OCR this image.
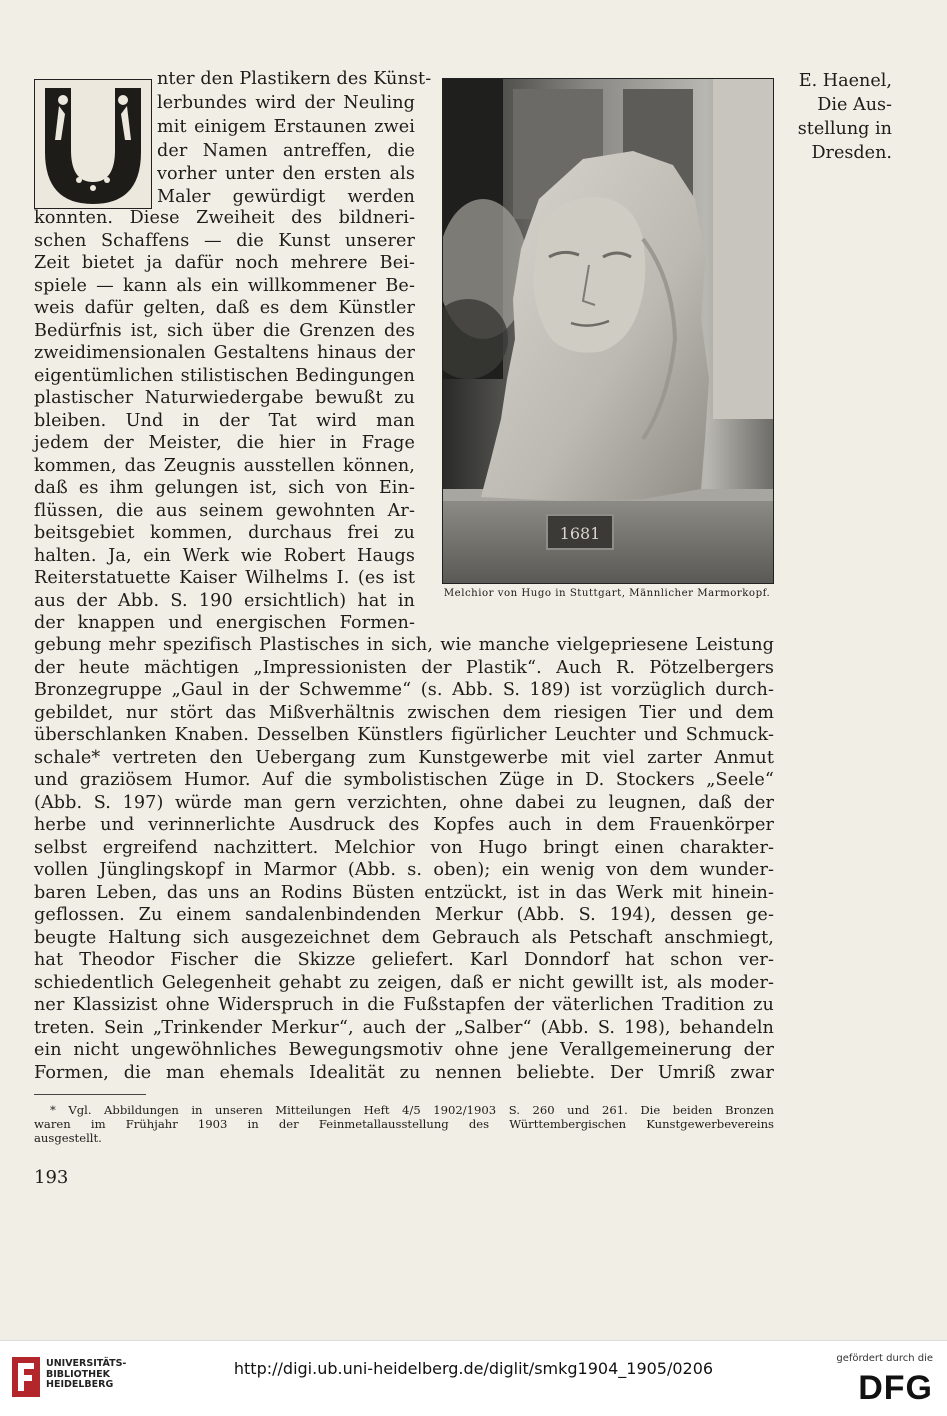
nter den Plastikern des Künst-
lerbundes wird der Neuling
mit einigem Erstaunen zwei
der Namen antreffen, die
vorher unter den ersten als
Maler gewürdigt werden
konnten. Diese Zweiheit des bildneri-
schen Schaffens — die Kunst unserer
Zeit bietet ja dafür noch mehrere Bei-
spiele — kann als ein willkommener Be-
weis dafür gelten, daß es dem Künstler
Bedürfnis ist, sich über die Grenzen des
zweidimensionalen Gestaltens hinaus der
eigentümlichen stilistischen Bedingungen
plastischer Naturwiedergabe bewußt zu
bleiben. Und in der Tat wird man
jedem der Meister, die hier in Frage
kommen, das Zeugnis ausstellen können,
daß es ihm gelungen ist, sich von Ein-
flüssen, die aus seinem gewohnten Ar-
beitsgebiet kommen, durchaus frei zu
halten. Ja, ein Werk wie Robert Haugs
Reiterstatuette Kaiser Wilhelms I. (es ist
aus der Abb. S. 190 ersichtlich) hat in
der knappen und energischen Formen-
1681
Melchior von Hugo in Stuttgart, Männlicher Marmorkopf.
E. Haenel,
Die Aus-
stellung in
Dresden.
gebung mehr spezifisch Plastisches in sich, wie manche vielgepriesene Leistung
der heute mächtigen „Impressionisten der Plastik“. Auch R. Pötzelbergers
Bronzegruppe „Gaul in der Schwemme“ (s. Abb. S. 189) ist vorzüglich durch-
gebildet, nur stört das Mißverhältnis zwischen dem riesigen Tier und dem
überschlanken Knaben. Desselben Künstlers figürlicher Leuchter und Schmuck-
schale* vertreten den Uebergang zum Kunstgewerbe mit viel zarter Anmut
und graziösem Humor. Auf die symbolistischen Züge in D. Stockers „Seele“
(Abb. S. 197) würde man gern verzichten, ohne dabei zu leugnen, daß der
herbe und verinnerlichte Ausdruck des Kopfes auch in dem Frauenkörper
selbst ergreifend nachzittert. Melchior von Hugo bringt einen charakter-
vollen Jünglingskopf in Marmor (Abb. s. oben); ein wenig von dem wunder-
baren Leben, das uns an Rodins Büsten entzückt, ist in das Werk mit hinein-
geflossen. Zu einem sandalenbindenden Merkur (Abb. S. 194), dessen ge-
beugte Haltung sich ausgezeichnet dem Gebrauch als Petschaft anschmiegt,
hat Theodor Fischer die Skizze geliefert. Karl Donndorf hat schon ver-
schiedentlich Gelegenheit gehabt zu zeigen, daß er nicht gewillt ist, als moder-
ner Klassizist ohne Widerspruch in die Fußstapfen der väterlichen Tradition zu
treten. Sein „Trinkender Merkur“, auch der „Salber“ (Abb. S. 198), behandeln
ein nicht ungewöhnliches Bewegungsmotiv ohne jene Verallgemeinerung der
Formen, die man ehemals Idealität zu nennen beliebte. Der Umriß zwar
* Vgl. Abbildungen in unseren Mitteilungen Heft 4/5 1902/1903 S. 260 und 261. Die beiden Bronzen
waren im Frühjahr 1903 in der Feinmetallausstellung des Württembergischen Kunstgewerbevereins
ausgestellt.
193
UNIVERSITÄTS-
BIBLIOTHEK
HEIDELBERG
http://digi.ub.uni-heidelberg.de/diglit/smkg1904_1905/0206
gefördert durch die
DFG
